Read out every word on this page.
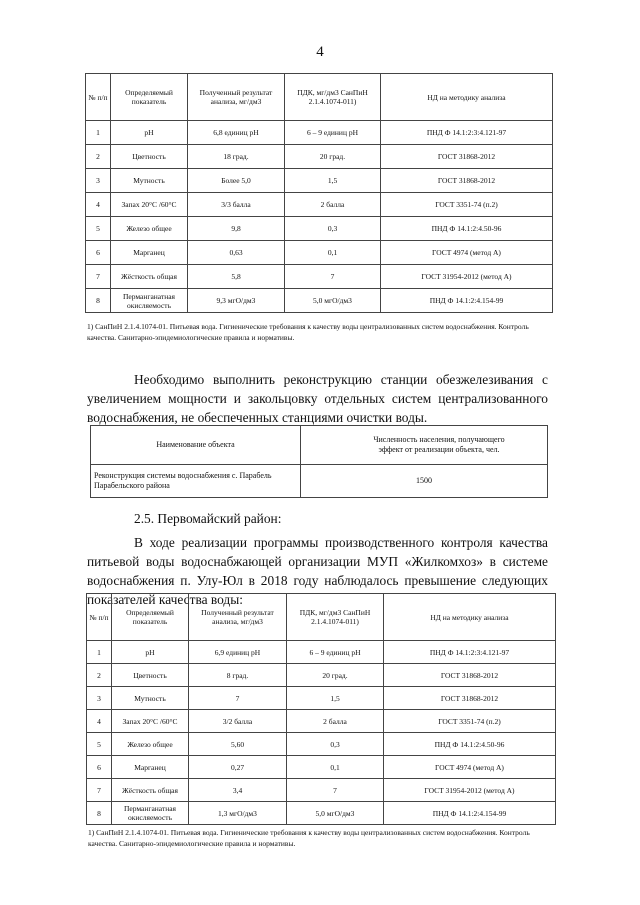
4
№ п/п	Определяемый показатель	Полученный результат анализа, мг/дм3	ПДК, мг/дм3 СанПиН 2.1.4.1074-011)	НД на методику анализа
1	pH	6,8 единиц pH	6 – 9 единиц pH	ПНД Ф 14.1:2:3:4.121-97
2	Цветность	18 град.	20 град.	ГОСТ 31868-2012
3	Мутность	Более 5,0	1,5	ГОСТ 31868-2012
4	Запах 20°С /60°С	3/3 балла	2 балла	ГОСТ 3351-74 (п.2)
5	Железо общее	9,8	0,3	ПНД Ф 14.1:2:4.50-96
6	Марганец	0,63	0,1	ГОСТ 4974 (метод А)
7	Жёсткость общая	5,8	7	ГОСТ 31954-2012 (метод А)
8	Перманганатная окисляемость	9,3 мгО/дм3	5,0 мгО/дм3	ПНД Ф 14.1:2:4.154-99
1) СанПиН 2.1.4.1074-01. Питьевая вода. Гигиенические требования к качеству воды централизованных систем водоснабжения. Контроль качества. Санитарно-эпидемиологические правила и нормативы.

Необходимо выполнить реконструкцию станции обезжелезивания с увеличением мощности и закольцовку отдельных систем централизованного водоснабжения, не обеспеченных станциями очистки воды.

Наименование объекта	Численность населения, получающего эффект от реализации объекта, чел.
Реконструкция системы водоснабжения с. Парабель Парабельского района	1500
2.5. Первомайский район:

В ходе реализации программы производственного контроля качества питьевой воды водоснабжающей организации МУП «Жилкомхоз» в системе водоснабжения п. Улу-Юл в 2018 году наблюдалось превышение следующих показателей качества воды:

№ п/п	Определяемый показатель	Полученный результат анализа, мг/дм3	ПДК, мг/дм3 СанПиН 2.1.4.1074-011)	НД на методику анализа
1	pH	6,9 единиц pH	6 – 9 единиц pH	ПНД Ф 14.1:2:3:4.121-97
2	Цветность	8 град.	20 град.	ГОСТ 31868-2012
3	Мутность	7	1,5	ГОСТ 31868-2012
4	Запах 20°С /60°С	3/2 балла	2 балла	ГОСТ 3351-74 (п.2)
5	Железо общее	5,60	0,3	ПНД Ф 14.1:2:4.50-96
6	Марганец	0,27	0,1	ГОСТ 4974 (метод А)
7	Жёсткость общая	3,4	7	ГОСТ 31954-2012 (метод А)
8	Перманганатная окисляемость	1,3 мгО/дм3	5,0 мгО/дм3	ПНД Ф 14.1:2:4.154-99
1) СанПиН 2.1.4.1074-01. Питьевая вода. Гигиенические требования к качеству воды централизованных систем водоснабжения. Контроль качества. Санитарно-эпидемиологические правила и нормативы.
